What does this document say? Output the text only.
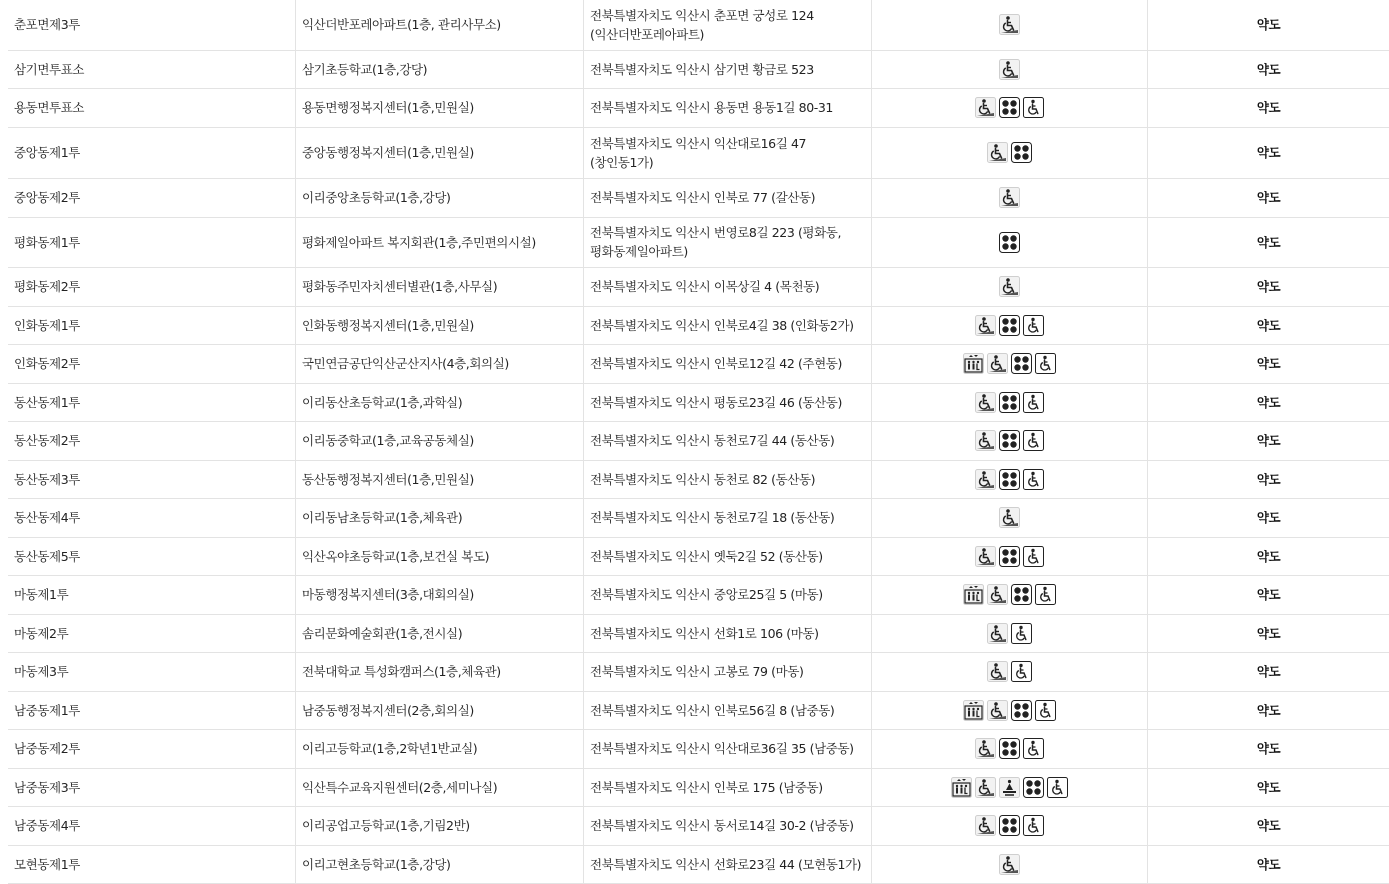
춘포면제3투	익산더반포레아파트(1층, 관리사무소)	전북특별자치도 익산시 춘포면 궁성로 124
(익산더반포레아파트)		약도
삼기면투표소	삼기초등학교(1층,강당)	전북특별자치도 익산시 삼기면 황금로 523		약도
용동면투표소	용동면행정복지센터(1층,민원실)	전북특별자치도 익산시 용동면 용동1길 80-31		약도
중앙동제1투	중앙동행정복지센터(1층,민원실)	전북특별자치도 익산시 익산대로16길 47
(창인동1가)		약도
중앙동제2투	이리중앙초등학교(1층,강당)	전북특별자치도 익산시 인북로 77 (갈산동)		약도
평화동제1투	평화제일아파트 복지회관(1층,주민편의시설)	전북특별자치도 익산시 번영로8길 223 (평화동,
평화동제일아파트)		약도
평화동제2투	평화동주민자치센터별관(1층,사무실)	전북특별자치도 익산시 이목상길 4 (목천동)		약도
인화동제1투	인화동행정복지센터(1층,민원실)	전북특별자치도 익산시 인북로4길 38 (인화동2가)		약도
인화동제2투	국민연금공단익산군산지사(4층,회의실)	전북특별자치도 익산시 인북로12길 42 (주현동)		약도
동산동제1투	이리동산초등학교(1층,과학실)	전북특별자치도 익산시 평동로23길 46 (동산동)		약도
동산동제2투	이리동중학교(1층,교육공동체실)	전북특별자치도 익산시 동천로7길 44 (동산동)		약도
동산동제3투	동산동행정복지센터(1층,민원실)	전북특별자치도 익산시 동천로 82 (동산동)		약도
동산동제4투	이리동남초등학교(1층,체육관)	전북특별자치도 익산시 동천로7길 18 (동산동)		약도
동산동제5투	익산옥야초등학교(1층,보건실 복도)	전북특별자치도 익산시 옛둑2길 52 (동산동)		약도
마동제1투	마동행정복지센터(3층,대회의실)	전북특별자치도 익산시 중앙로25길 5 (마동)		약도
마동제2투	솜리문화예술회관(1층,전시실)	전북특별자치도 익산시 선화1로 106 (마동)		약도
마동제3투	전북대학교 특성화캠퍼스(1층,체육관)	전북특별자치도 익산시 고봉로 79 (마동)		약도
남중동제1투	남중동행정복지센터(2층,회의실)	전북특별자치도 익산시 인북로56길 8 (남중동)		약도
남중동제2투	이리고등학교(1층,2학년1반교실)	전북특별자치도 익산시 익산대로36길 35 (남중동)		약도
남중동제3투	익산특수교육지원센터(2층,세미나실)	전북특별자치도 익산시 인북로 175 (남중동)		약도
남중동제4투	이리공업고등학교(1층,기림2반)	전북특별자치도 익산시 동서로14길 30-2 (남중동)		약도
모현동제1투	이리고현초등학교(1층,강당)	전북특별자치도 익산시 선화로23길 44 (모현동1가)		약도
